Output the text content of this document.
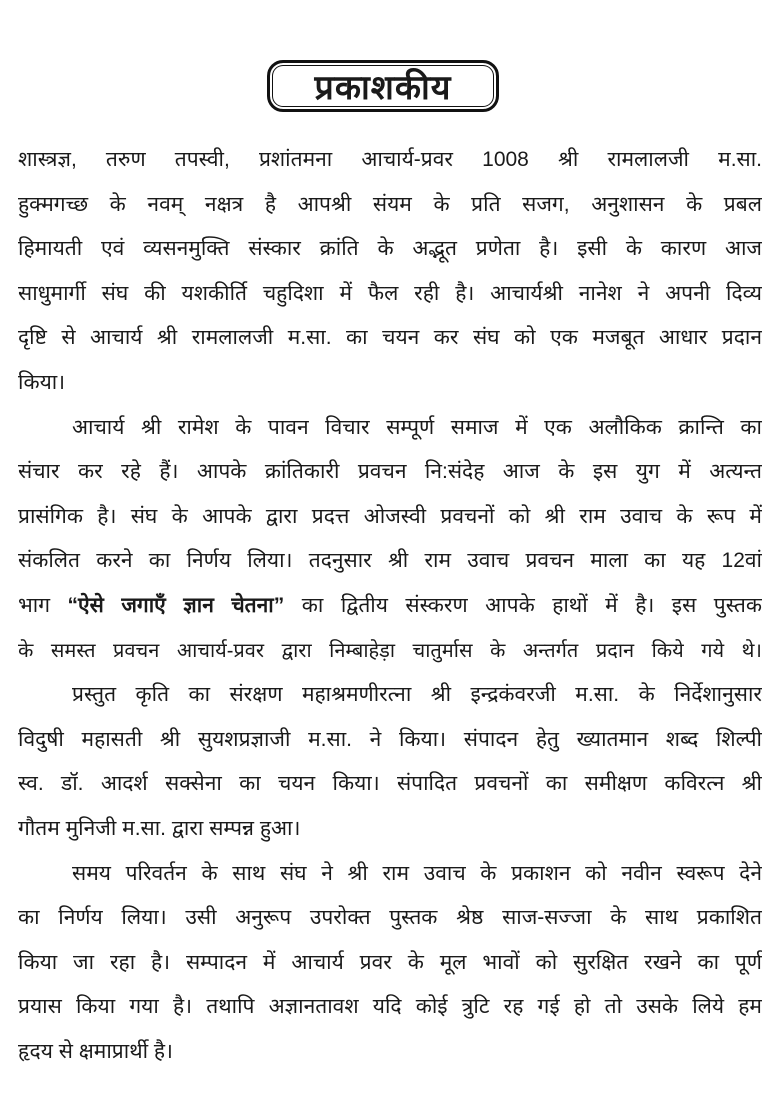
प्रकाशकीय
शास्त्रज्ञ, तरुण तपस्वी, प्रशांतमना आचार्य-प्रवर 1008 श्री रामलालजी म.सा.
हुक्मगच्छ के नवम् नक्षत्र है आपश्री संयम के प्रति सजग, अनुशासन के प्रबल
हिमायती एवं व्यसनमुक्ति संस्कार क्रांति के अद्भूत प्रणेता है। इसी के कारण आज
साधुमार्गी संघ की यशकीर्ति चहुदिशा में फैल रही है। आचार्यश्री नानेश ने अपनी दिव्य
दृष्टि से आचार्य श्री रामलालजी म.सा. का चयन कर संघ को एक मजबूत आधार प्रदान
किया।
आचार्य श्री रामेश के पावन विचार सम्पूर्ण समाज में एक अलौकिक क्रान्ति का
संचार कर रहे हैं। आपके क्रांतिकारी प्रवचन नि:संदेह आज के इस युग में अत्यन्त
प्रासंगिक है। संघ के आपके द्वारा प्रदत्त ओजस्वी प्रवचनों को श्री राम उवाच के रूप में
संकलित करने का निर्णय लिया। तदनुसार श्री राम उवाच प्रवचन माला का यह 12वां
भाग “ऐसे जगाएँ ज्ञान चेतना” का द्वितीय संस्करण आपके हाथों में है। इस पुस्तक
के समस्त प्रवचन आचार्य-प्रवर द्वारा निम्बाहेड़ा चातुर्मास के अन्तर्गत प्रदान किये गये थे।
प्रस्तुत कृति का संरक्षण महाश्रमणीरत्ना श्री इन्द्रकंवरजी म.सा. के निर्देशानुसार
विदुषी महासती श्री सुयशप्रज्ञाजी म.सा. ने किया। संपादन हेतु ख्यातमान शब्द शिल्पी
स्व. डॉ. आदर्श सक्सेना का चयन किया। संपादित प्रवचनों का समीक्षण कविरत्न श्री
गौतम मुनिजी म.सा. द्वारा सम्पन्न हुआ।
समय परिवर्तन के साथ संघ ने श्री राम उवाच के प्रकाशन को नवीन स्वरूप देने
का निर्णय लिया। उसी अनुरूप उपरोक्त पुस्तक श्रेष्ठ साज-सज्जा के साथ प्रकाशित
किया जा रहा है। सम्पादन में आचार्य प्रवर के मूल भावों को सुरक्षित रखने का पूर्ण
प्रयास किया गया है। तथापि अज्ञानतावश यदि कोई त्रुटि रह गई हो तो उसके लिये हम
हृदय से क्षमाप्रार्थी है।
